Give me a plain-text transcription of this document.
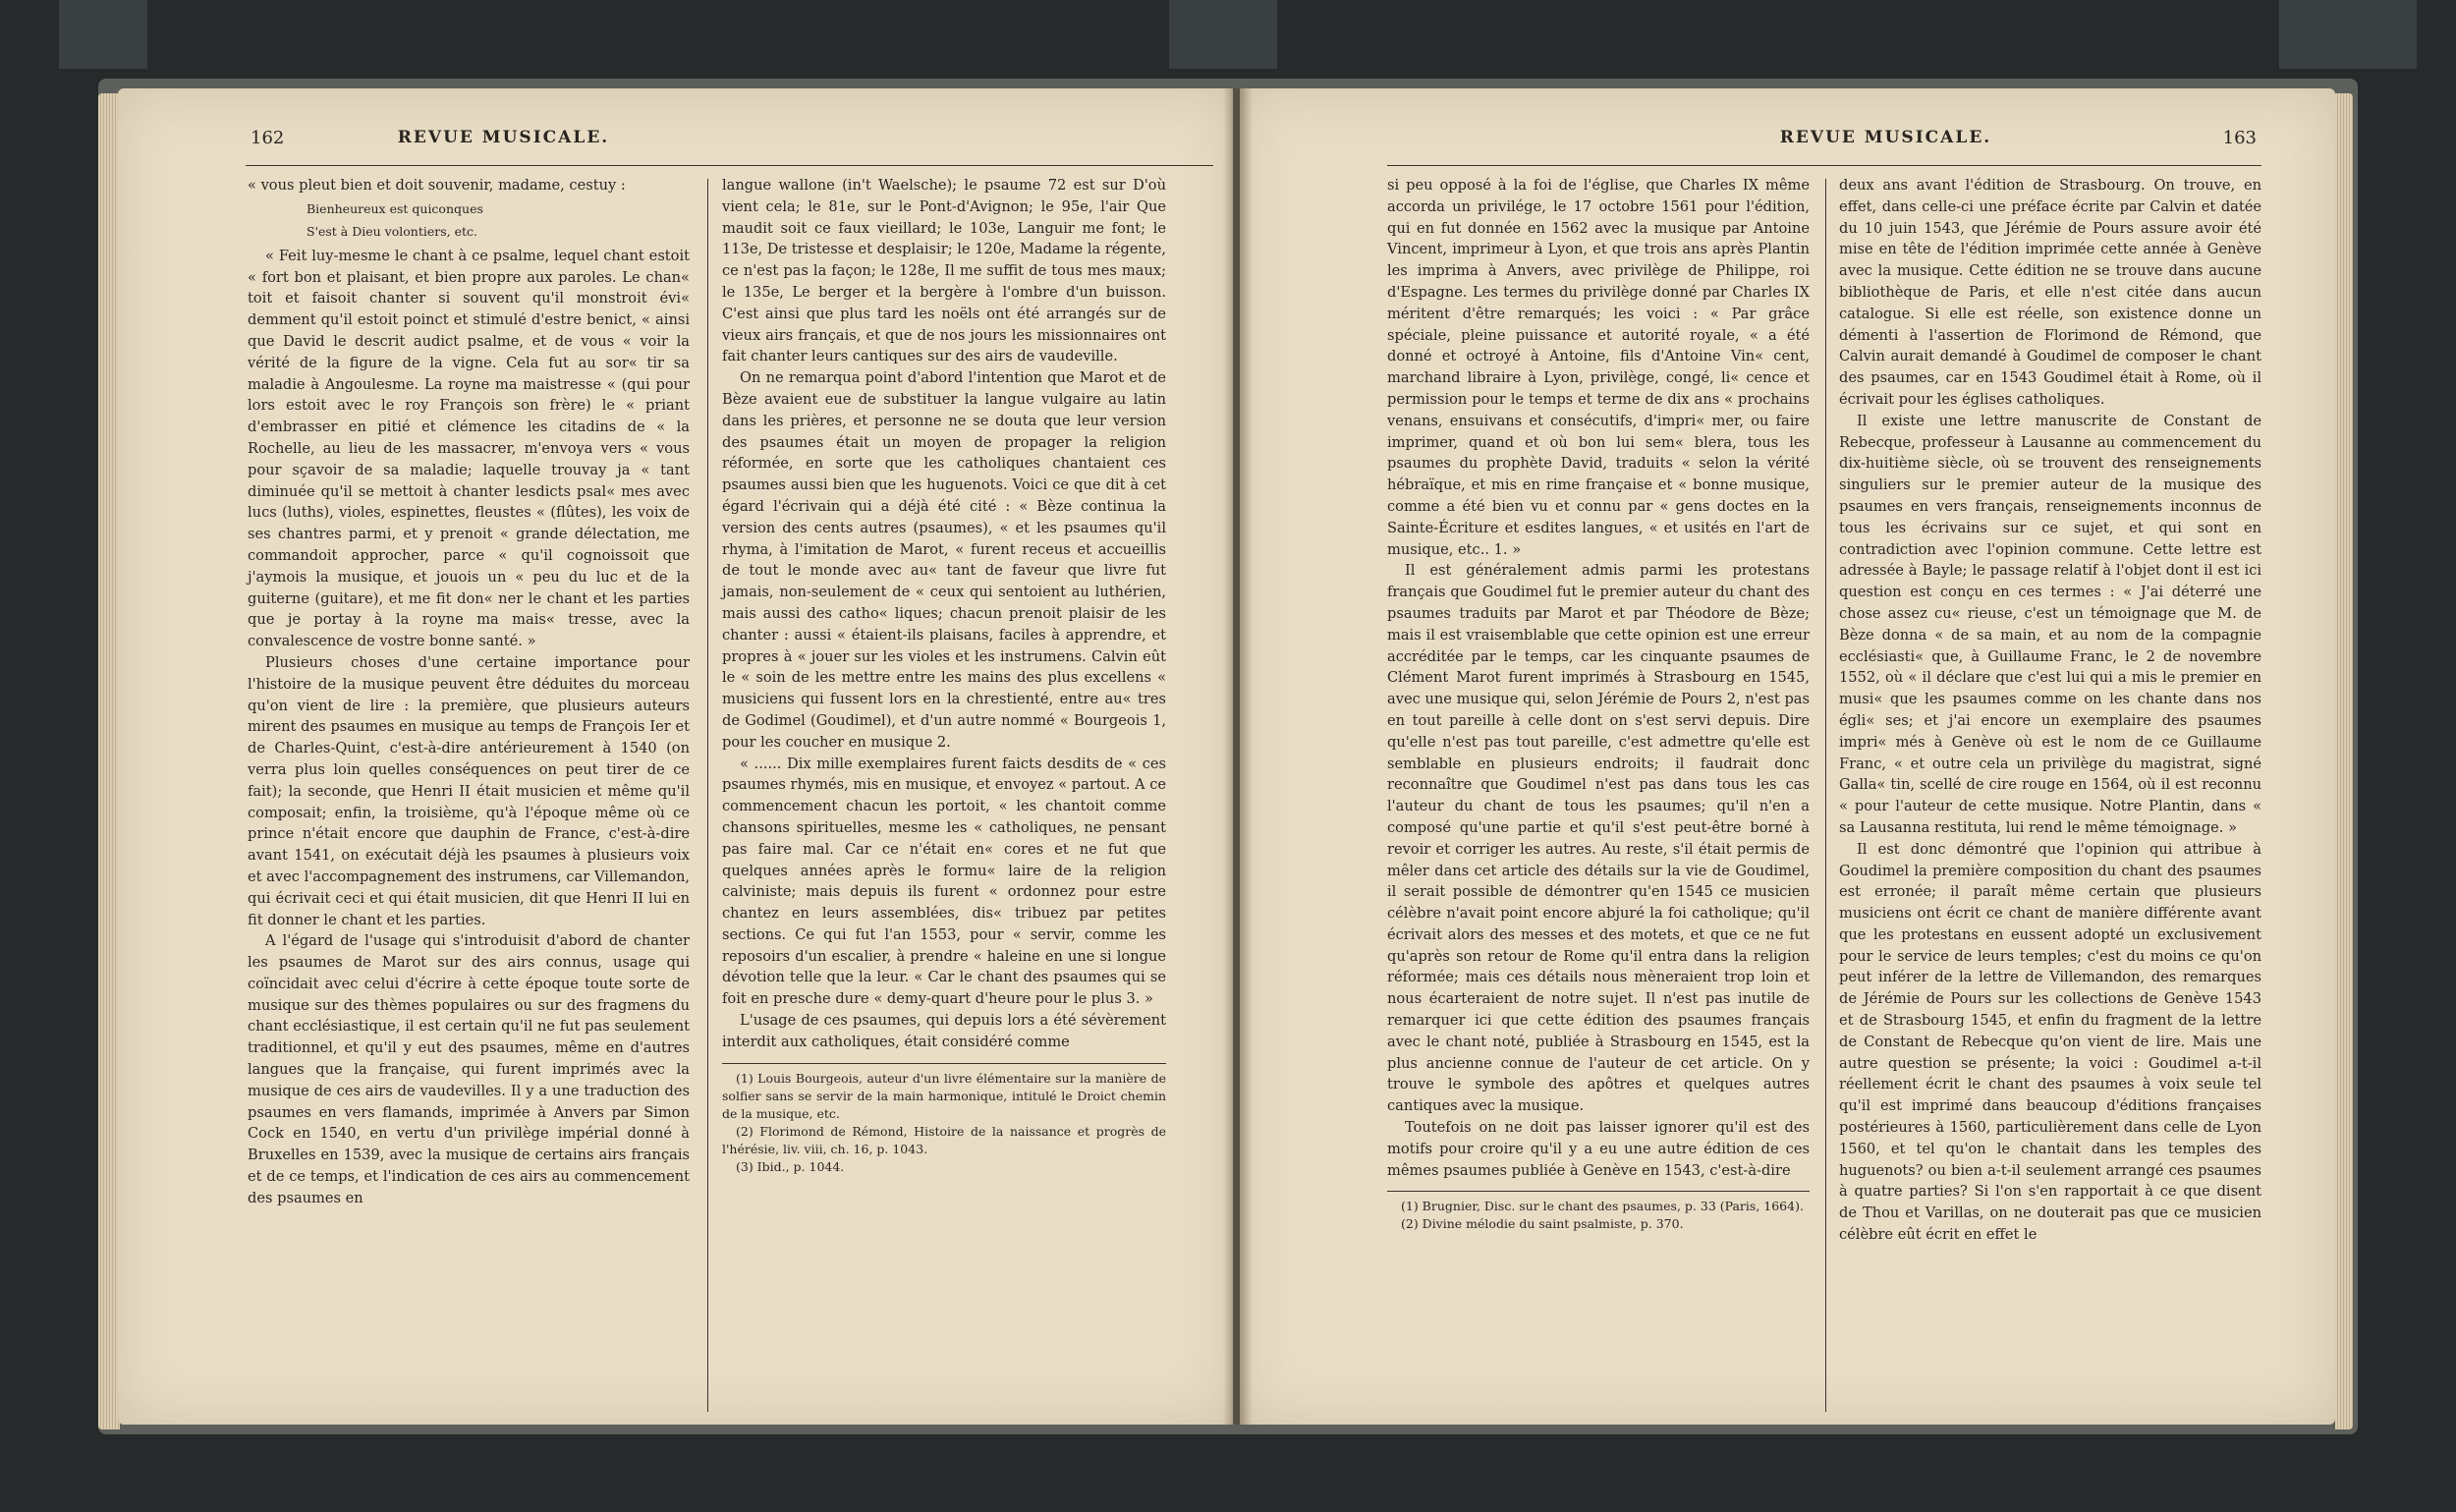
162	REVUE MUSICALE.

« vous pleut bien et doit souvenir, madame, cestuy :

Bienheureux est quiconques
S'est à Dieu volontiers, etc.

« Feit luy-mesme le chant à ce psalme, lequel chant estoit « fort bon et plaisant, et bien propre aux paroles. Le chan« toit et faisoit chanter si souvent qu'il monstroit évi« demment qu'il estoit poinct et stimulé d'estre benict, « ainsi que David le descrit audict psalme, et de vous « voir la vérité de la figure de la vigne. Cela fut au sor« tir sa maladie à Angoulesme. La royne ma maistresse « (qui pour lors estoit avec le roy François son frère) le « priant d'embrasser en pitié et clémence les citadins de « la Rochelle, au lieu de les massacrer, m'envoya vers « vous pour sçavoir de sa maladie; laquelle trouvay ja « tant diminuée qu'il se mettoit à chanter lesdicts psal« mes avec lucs (luths), violes, espinettes, fleustes « (flûtes), les voix de ses chantres parmi, et y prenoit « grande délectation, me commandoit approcher, parce « qu'il cognoissoit que j'aymois la musique, et jouois un « peu du luc et de la guiterne (guitare), et me fit don« ner le chant et les parties que je portay à la royne ma mais« tresse, avec la convalescence de vostre bonne santé. »

Plusieurs choses d'une certaine importance pour l'histoire de la musique peuvent être déduites du morceau qu'on vient de lire : la première, que plusieurs auteurs mirent des psaumes en musique au temps de François Ier et de Charles-Quint, c'est-à-dire antérieurement à 1540 (on verra plus loin quelles conséquences on peut tirer de ce fait); la seconde, que Henri II était musicien et même qu'il composait; enfin, la troisième, qu'à l'époque même où ce prince n'était encore que dauphin de France, c'est-à-dire avant 1541, on exécutait déjà les psaumes à plusieurs voix et avec l'accompagnement des instrumens, car Villemandon, qui écrivait ceci et qui était musicien, dit que Henri II lui en fit donner le chant et les parties.

A l'égard de l'usage qui s'introduisit d'abord de chanter les psaumes de Marot sur des airs connus, usage qui coïncidait avec celui d'écrire à cette époque toute sorte de musique sur des thèmes populaires ou sur des fragmens du chant ecclésiastique, il est certain qu'il ne fut pas seulement traditionnel, et qu'il y eut des psaumes, même en d'autres langues que la française, qui furent imprimés avec la musique de ces airs de vaudevilles. Il y a une traduction des psaumes en vers flamands, imprimée à Anvers par Simon Cock en 1540, en vertu d'un privilège impérial donné à Bruxelles en 1539, avec la musique de certains airs français et de ce temps, et l'indication de ces airs au commencement des psaumes en

langue wallone (in't Waelsche); le psaume 72 est sur D'où vient cela; le 81e, sur le Pont-d'Avignon; le 95e, l'air Que maudit soit ce faux vieillard; le 103e, Languir me font; le 113e, De tristesse et desplaisir; le 120e, Madame la régente, ce n'est pas la façon; le 128e, Il me suffit de tous mes maux; le 135e, Le berger et la bergère à l'ombre d'un buisson. C'est ainsi que plus tard les noëls ont été arrangés sur de vieux airs français, et que de nos jours les missionnaires ont fait chanter leurs cantiques sur des airs de vaudeville.

On ne remarqua point d'abord l'intention que Marot et de Bèze avaient eue de substituer la langue vulgaire au latin dans les prières, et personne ne se douta que leur version des psaumes était un moyen de propager la religion réformée, en sorte que les catholiques chantaient ces psaumes aussi bien que les huguenots. Voici ce que dit à cet égard l'écrivain qui a déjà été cité : « Bèze continua la version des cents autres (psaumes), « et les psaumes qu'il rhyma, à l'imitation de Marot, « furent receus et accueillis de tout le monde avec au« tant de faveur que livre fut jamais, non-seulement de « ceux qui sentoient au luthérien, mais aussi des catho« liques; chacun prenoit plaisir de les chanter : aussi « étaient-ils plaisans, faciles à apprendre, et propres à « jouer sur les violes et les instrumens. Calvin eût le « soin de les mettre entre les mains des plus excellens « musiciens qui fussent lors en la chrestienté, entre au« tres de Godimel (Goudimel), et d'un autre nommé « Bourgeois 1, pour les coucher en musique 2.

« ...... Dix mille exemplaires furent faicts desdits de « ces psaumes rhymés, mis en musique, et envoyez « partout. A ce commencement chacun les portoit, « les chantoit comme chansons spirituelles, mesme les « catholiques, ne pensant pas faire mal. Car ce n'était en« cores et ne fut que quelques années après le formu« laire de la religion calviniste; mais depuis ils furent « ordonnez pour estre chantez en leurs assemblées, dis« tribuez par petites sections. Ce qui fut l'an 1553, pour « servir, comme les reposoirs d'un escalier, à prendre « haleine en une si longue dévotion telle que la leur. « Car le chant des psaumes qui se foit en presche dure « demy-quart d'heure pour le plus 3. »

L'usage de ces psaumes, qui depuis lors a été sévèrement interdit aux catholiques, était considéré comme

(1) Louis Bourgeois, auteur d'un livre élémentaire sur la manière de solfier sans se servir de la main harmonique, intitulé le Droict chemin de la musique, etc.

(2) Florimond de Rémond, Histoire de la naissance et progrès de l'hérésie, liv. viii, ch. 16, p. 1043.

(3) Ibid., p. 1044.

REVUE MUSICALE.	163

si peu opposé à la foi de l'église, que Charles IX même accorda un privilége, le 17 octobre 1561 pour l'édition, qui en fut donnée en 1562 avec la musique par Antoine Vincent, imprimeur à Lyon, et que trois ans après Plantin les imprima à Anvers, avec privilège de Philippe, roi d'Espagne. Les termes du privilège donné par Charles IX méritent d'être remarqués; les voici : « Par grâce spéciale, pleine puissance et autorité royale, « a été donné et octroyé à Antoine, fils d'Antoine Vin« cent, marchand libraire à Lyon, privilège, congé, li« cence et permission pour le temps et terme de dix ans « prochains venans, ensuivans et consécutifs, d'impri« mer, ou faire imprimer, quand et où bon lui sem« blera, tous les psaumes du prophète David, traduits « selon la vérité hébraïque, et mis en rime française et « bonne musique, comme a été bien vu et connu par « gens doctes en la Sainte-Écriture et esdites langues, « et usités en l'art de musique, etc.. 1. »

Il est généralement admis parmi les protestans français que Goudimel fut le premier auteur du chant des psaumes traduits par Marot et par Théodore de Bèze; mais il est vraisemblable que cette opinion est une erreur accréditée par le temps, car les cinquante psaumes de Clément Marot furent imprimés à Strasbourg en 1545, avec une musique qui, selon Jérémie de Pours 2, n'est pas en tout pareille à celle dont on s'est servi depuis. Dire qu'elle n'est pas tout pareille, c'est admettre qu'elle est semblable en plusieurs endroits; il faudrait donc reconnaître que Goudimel n'est pas dans tous les cas l'auteur du chant de tous les psaumes; qu'il n'en a composé qu'une partie et qu'il s'est peut-être borné à revoir et corriger les autres. Au reste, s'il était permis de mêler dans cet article des détails sur la vie de Goudimel, il serait possible de démontrer qu'en 1545 ce musicien célèbre n'avait point encore abjuré la foi catholique; qu'il écrivait alors des messes et des motets, et que ce ne fut qu'après son retour de Rome qu'il entra dans la religion réformée; mais ces détails nous mèneraient trop loin et nous écarteraient de notre sujet. Il n'est pas inutile de remarquer ici que cette édition des psaumes français avec le chant noté, publiée à Strasbourg en 1545, est la plus ancienne connue de l'auteur de cet article. On y trouve le symbole des apôtres et quelques autres cantiques avec la musique.

Toutefois on ne doit pas laisser ignorer qu'il est des motifs pour croire qu'il y a eu une autre édition de ces mêmes psaumes publiée à Genève en 1543, c'est-à-dire

(1) Brugnier, Disc. sur le chant des psaumes, p. 33 (Paris, 1664).

(2) Divine mélodie du saint psalmiste, p. 370.

deux ans avant l'édition de Strasbourg. On trouve, en effet, dans celle-ci une préface écrite par Calvin et datée du 10 juin 1543, que Jérémie de Pours assure avoir été mise en tête de l'édition imprimée cette année à Genève avec la musique. Cette édition ne se trouve dans aucune bibliothèque de Paris, et elle n'est citée dans aucun catalogue. Si elle est réelle, son existence donne un démenti à l'assertion de Florimond de Rémond, que Calvin aurait demandé à Goudimel de composer le chant des psaumes, car en 1543 Goudimel était à Rome, où il écrivait pour les églises catholiques.

Il existe une lettre manuscrite de Constant de Rebecque, professeur à Lausanne au commencement du dix-huitième siècle, où se trouvent des renseignements singuliers sur le premier auteur de la musique des psaumes en vers français, renseignements inconnus de tous les écrivains sur ce sujet, et qui sont en contradiction avec l'opinion commune. Cette lettre est adressée à Bayle; le passage relatif à l'objet dont il est ici question est conçu en ces termes : « J'ai déterré une chose assez cu« rieuse, c'est un témoignage que M. de Bèze donna « de sa main, et au nom de la compagnie ecclésiasti« que, à Guillaume Franc, le 2 de novembre 1552, où « il déclare que c'est lui qui a mis le premier en musi« que les psaumes comme on les chante dans nos égli« ses; et j'ai encore un exemplaire des psaumes impri« més à Genève où est le nom de ce Guillaume Franc, « et outre cela un privilège du magistrat, signé Galla« tin, scellé de cire rouge en 1564, où il est reconnu « pour l'auteur de cette musique. Notre Plantin, dans « sa Lausanna restituta, lui rend le même témoignage. »

Il est donc démontré que l'opinion qui attribue à Goudimel la première composition du chant des psaumes est erronée; il paraît même certain que plusieurs musiciens ont écrit ce chant de manière différente avant que les protestans en eussent adopté un exclusivement pour le service de leurs temples; c'est du moins ce qu'on peut inférer de la lettre de Villemandon, des remarques de Jérémie de Pours sur les collections de Genève 1543 et de Strasbourg 1545, et enfin du fragment de la lettre de Constant de Rebecque qu'on vient de lire. Mais une autre question se présente; la voici : Goudimel a-t-il réellement écrit le chant des psaumes à voix seule tel qu'il est imprimé dans beaucoup d'éditions françaises postérieures à 1560, particulièrement dans celle de Lyon 1560, et tel qu'on le chantait dans les temples des huguenots? ou bien a-t-il seulement arrangé ces psaumes à quatre parties? Si l'on s'en rapportait à ce que disent de Thou et Varillas, on ne douterait pas que ce musicien célèbre eût écrit en effet le
